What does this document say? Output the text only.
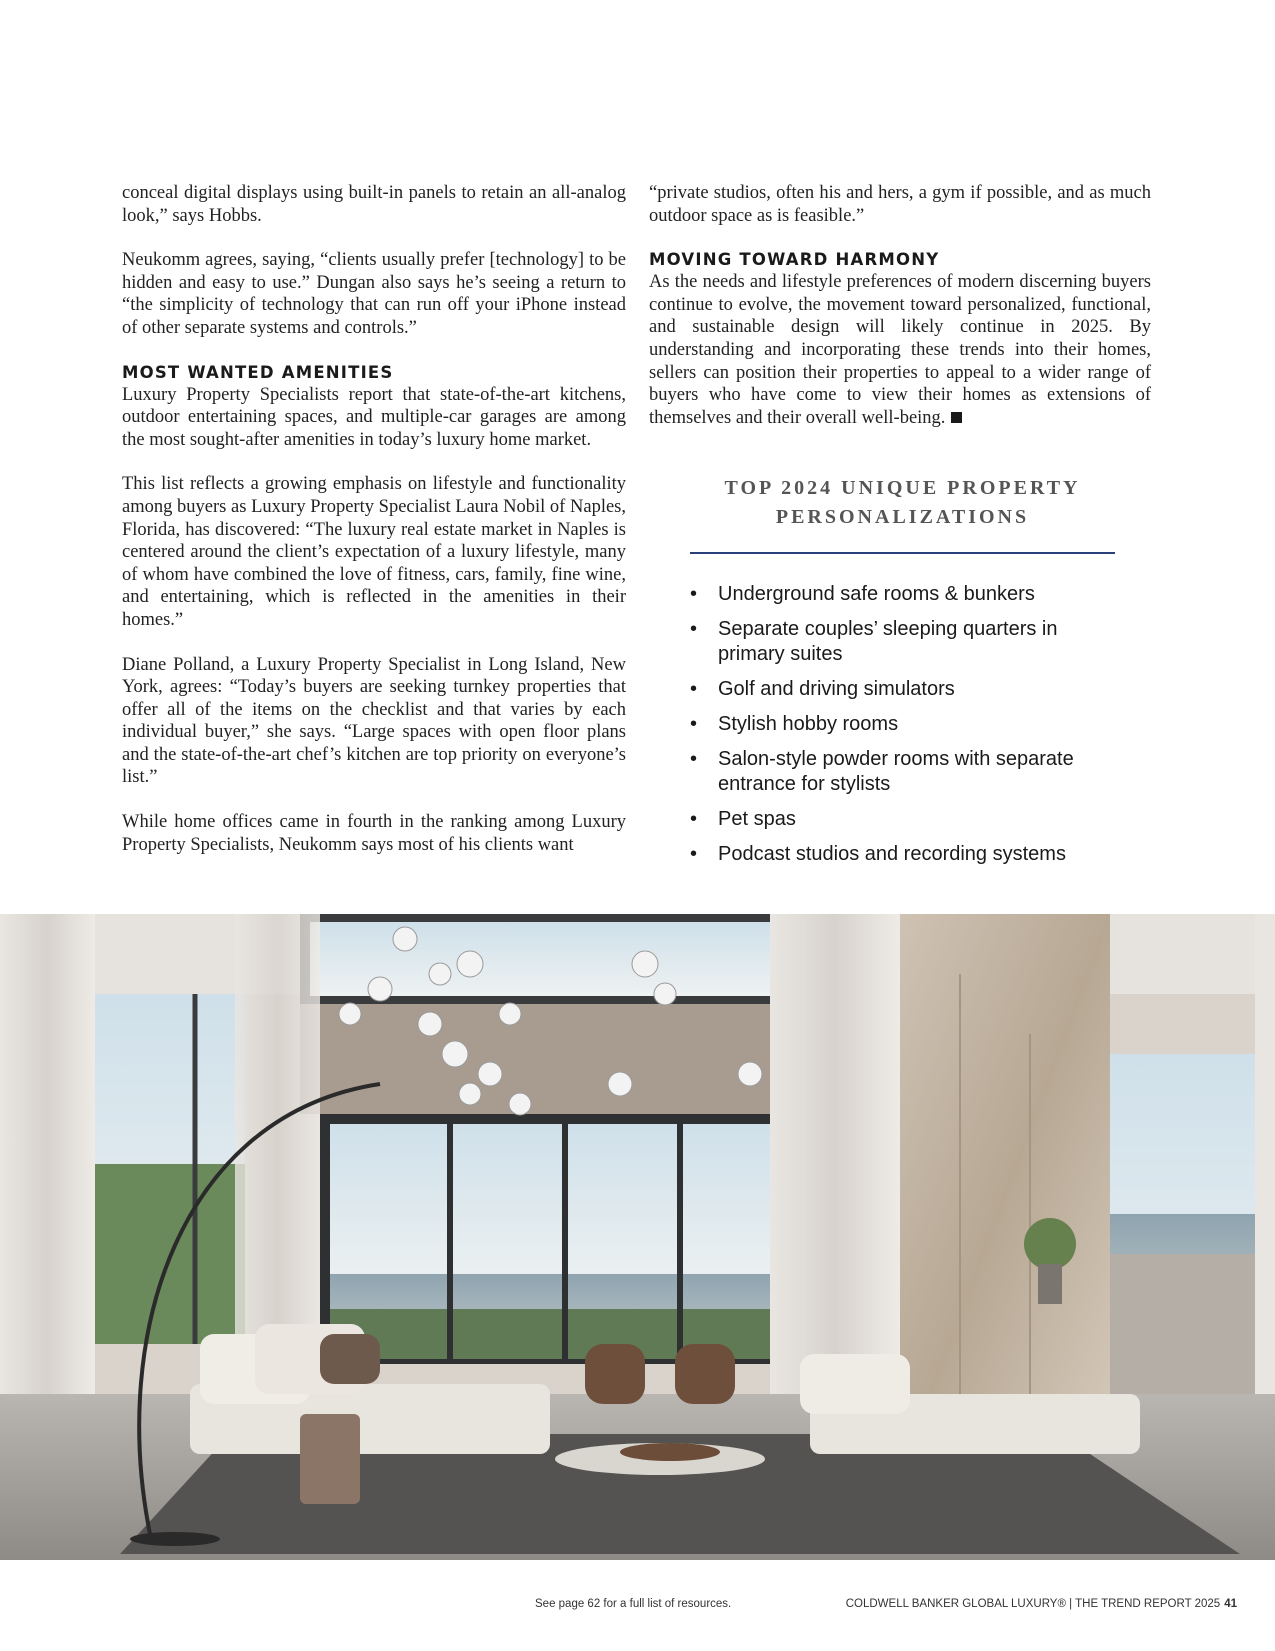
conceal digital displays using built-in panels to retain an all-analog look,” says Hobbs.

Neukomm agrees, saying, “clients usually prefer [technology] to be hidden and easy to use.” Dungan also says he’s seeing a return to “the simplicity of technology that can run off your iPhone instead of other separate systems and controls.”

MOST WANTED AMENITIES

Luxury Property Specialists report that state-of-the-art kitchens, outdoor entertaining spaces, and multiple-car garages are among the most sought-after amenities in today’s luxury home market.

This list reflects a growing emphasis on lifestyle and functionality among buyers as Luxury Property Specialist Laura Nobil of Naples, Florida, has discovered: “The luxury real estate market in Naples is centered around the client’s expectation of a luxury lifestyle, many of whom have combined the love of fitness, cars, family, fine wine, and entertaining, which is reflected in the amenities in their homes.”

Diane Polland, a Luxury Property Specialist in Long Island, New York, agrees: “Today’s buyers are seeking turnkey properties that offer all of the items on the checklist and that varies by each individual buyer,” she says. “Large spaces with open floor plans and the state-of-the-art chef’s kitchen are top priority on everyone’s list.”

While home offices came in fourth in the ranking among Luxury Property Specialists, Neukomm says most of his clients want

“private studios, often his and hers, a gym if possible, and as much outdoor space as is feasible.”

MOVING TOWARD HARMONY

As the needs and lifestyle preferences of modern discerning buyers continue to evolve, the movement toward personalized, functional, and sustainable design will likely continue in 2025. By understanding and incorporating these trends into their homes, sellers can position their properties to appeal to a wider range of buyers who have come to view their homes as extensions of themselves and their overall well-being.

TOP 2024 UNIQUE PROPERTY
PERSONALIZATIONS
• Underground safe rooms & bunkers
• Separate couples’ sleeping quarters in primary suites
• Golf and driving simulators
• Stylish hobby rooms
• Salon-style powder rooms with separate entrance for stylists
• Pet spas
• Podcast studios and recording systems
See page 62 for a full list of resources.	COLDWELL BANKER GLOBAL LUXURY® | THE TREND REPORT 2025 41
